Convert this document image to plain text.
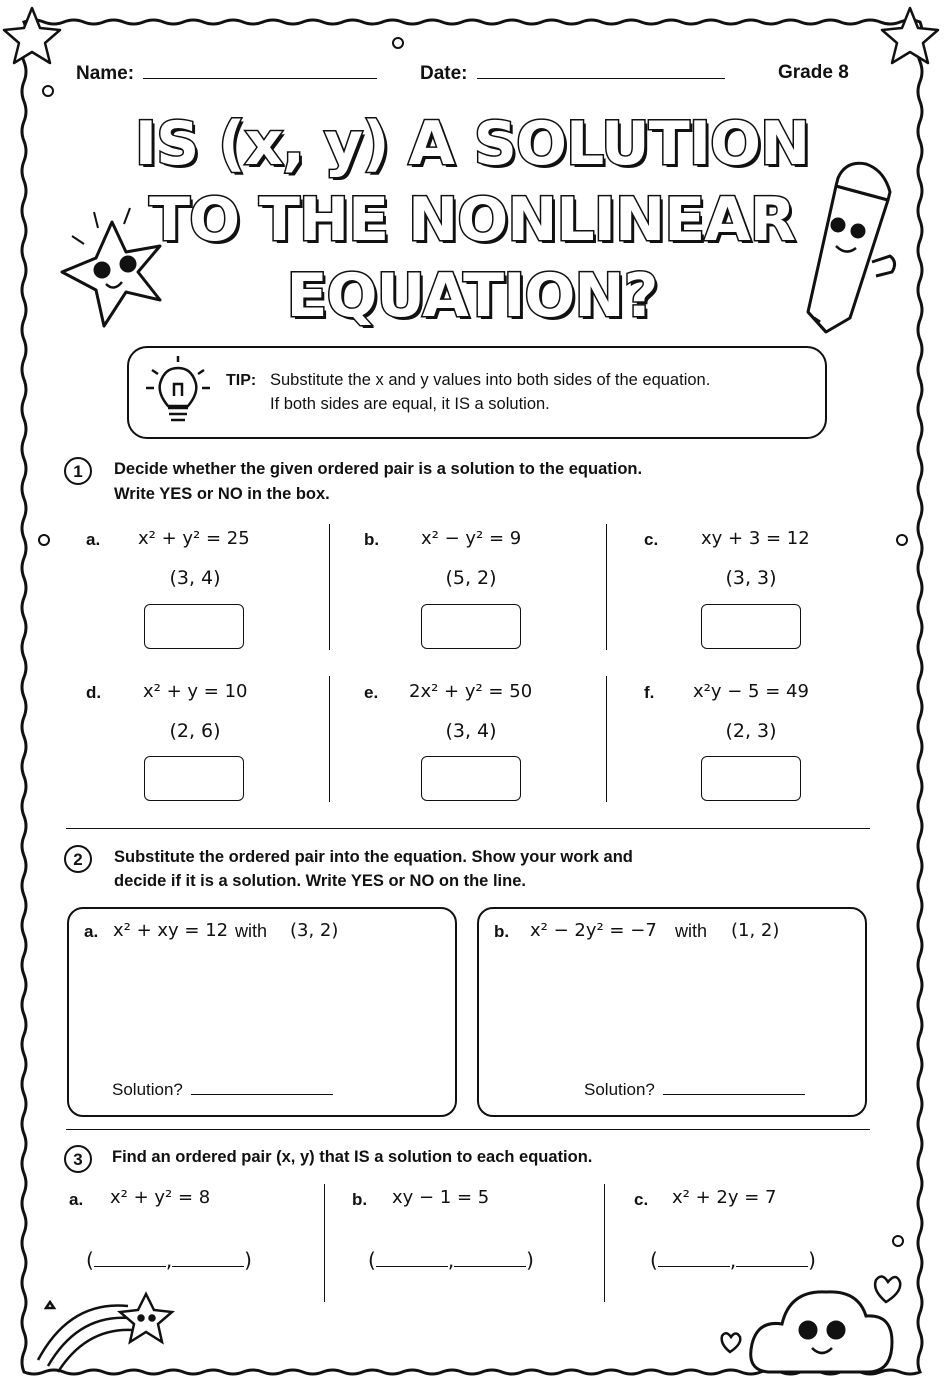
Name:	Date:	Grade 8
IS (x, y) A SOLUTION
TO THE NONLINEAR
EQUATION?
TIP: Substitute the x and y values into both sides of the equation.
If both sides are equal, it IS a solution.
1	Decide whether the given ordered pair is a solution to the equation.
Write YES or NO in the box.
a. x² + y² = 25
(3, 4)
b. x² − y² = 9
(5, 2)
c. xy + 3 = 12
(3, 3)
d. x² + y = 10
(2, 6)
e. 2x² + y² = 50
(3, 4)
f. x²y − 5 = 49
(2, 3)
2	Substitute the ordered pair into the equation. Show your work and
decide if it is a solution. Write YES or NO on the line.
a. x² + xy = 12 with (3, 2)
Solution?
b. x² − 2y² = −7 with (1, 2)
Solution?
3	Find an ordered pair (x, y) that IS a solution to each equation.
a. x² + y² = 8
(	,	)
b. xy − 1 = 5
(	,	)
c. x² + 2y = 7
(	,	)
